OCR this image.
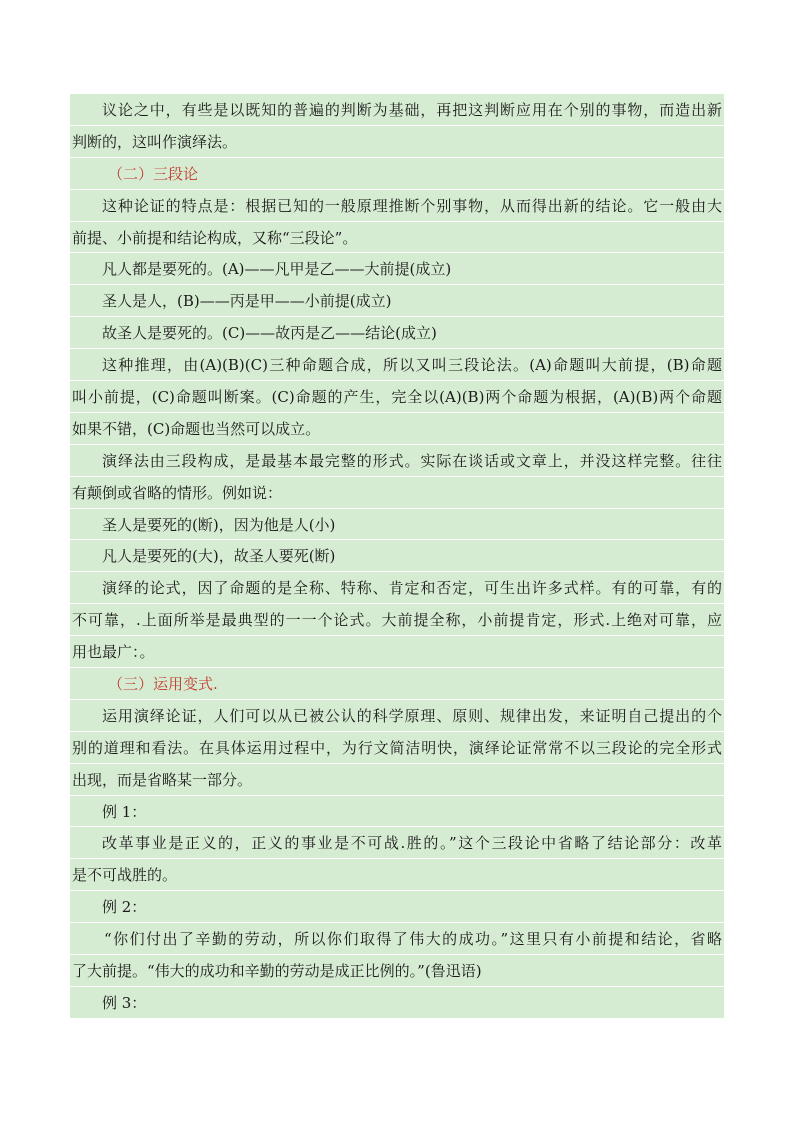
议论之中，有些是以既知的普遍的判断为基础，再把这判断应用在个别的事物，而造出新
判断的，这叫作演绎法。
（二）三段论
这种论证的特点是：根据已知的一般原理推断个别事物，从而得出新的结论。它一般由大
前提、小前提和结论构成，又称“三段论”。
凡人都是要死的。(A)——凡甲是乙——大前提(成立)
圣人是人，(B)——丙是甲——小前提(成立)
故圣人是要死的。(C)——故丙是乙——结论(成立)
这种推理，由(A)(B)(C)三种命题合成，所以又叫三段论法。(A)命题叫大前提，(B)命题
叫小前提，(C)命题叫断案。(C)命题的产生，完全以(A)(B)两个命题为根据，(A)(B)两个命题
如果不错，(C)命题也当然可以成立。
演绎法由三段构成，是最基本最完整的形式。实际在谈话或文章上，并没这样完整。往往
有颠倒或省略的情形。例如说：
圣人是要死的(断)，因为他是人(小)
凡人是要死的(大)，故圣人要死(断)
演绎的论式，因了命题的是全称、特称、肯定和否定，可生出许多式样。有的可靠，有的
不可靠，.上面所举是最典型的一一个论式。大前提全称，小前提肯定，形式.上绝对可靠，应
用也最广：。
（三）运用变式.
运用演绎论证，人们可以从已被公认的科学原理、原则、规律出发，来证明自己提出的个
别的道理和看法。在具体运用过程中，为行文简洁明快，演绎论证常常不以三段论的完全形式
出现，而是省略某一部分。
例 1：
改革事业是正义的，正义的事业是不可战.胜的。”这个三段论中省略了结论部分：改革
是不可战胜的。
例 2：
“你们付出了辛勤的劳动，所以你们取得了伟大的成功。”这里只有小前提和结论，省略
了大前提。“伟大的成功和辛勤的劳动是成正比例的。”(鲁迅语)
例 3：
